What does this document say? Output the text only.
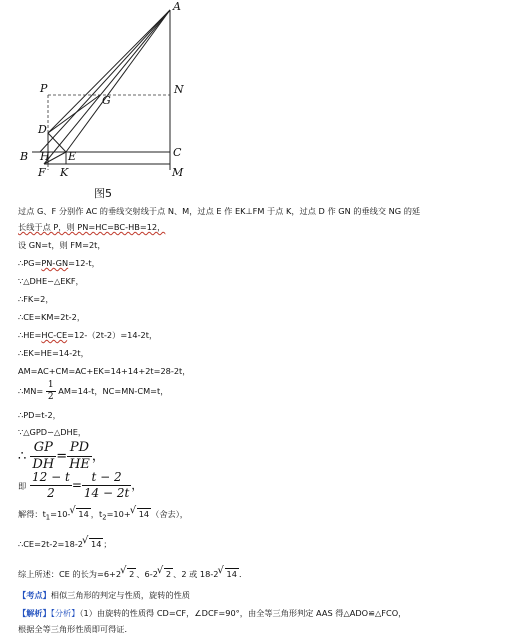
A
P	N
G
D
B H E	C
F K	M
图5
过点 G、F 分别作 AC 的垂线交射线于点 N、M，过点 E 作 EK⊥FM 于点 K，过点 D 作 GN 的垂线交 NG 的延
长线于点 P，则 PN=HC=BC-HB=12，
设 GN=t，则 FM=2t，
∴PG=PN-GN=12-t，
∵△DHE∽△EKF，
∴FK=2，
∴CE=KM=2t-2，
∴HE=HC-CE=12-（2t-2）=14-2t，
∴EK=HE=14-2t，
AM=AC+CM=AC+EK=14+14+2t=28-2t，
∴MN= $\frac{1}{2} AM=14-t$，NC=MN-CM=t，
∴PD=t-2，
∵△GPD∽△DHE，
∴ $\frac{GP}{DH} = \frac{PD}{HE}$ ，
即 $\frac{12 - t}{2} = \frac{t - 2}{14 - 2t}$ ，
解得：$t_1=10-√$ 14 ，$t_2=10+√$ 14 （舍去），
∴CE=2t-2=18-2√ 14 ；
综上所述：CE 的长为=6+2√ 2 、6-2√ 2 、2 或 18-2√ 14 ．
【考点】相似三角形的判定与性质，旋转的性质
【解析】【分析】（1）由旋转的性质得 CD=CF，∠DCF=90°，由全等三角形判定 AAS 得△ADO≌△FCO，
根据全等三角形性质即可得证．
